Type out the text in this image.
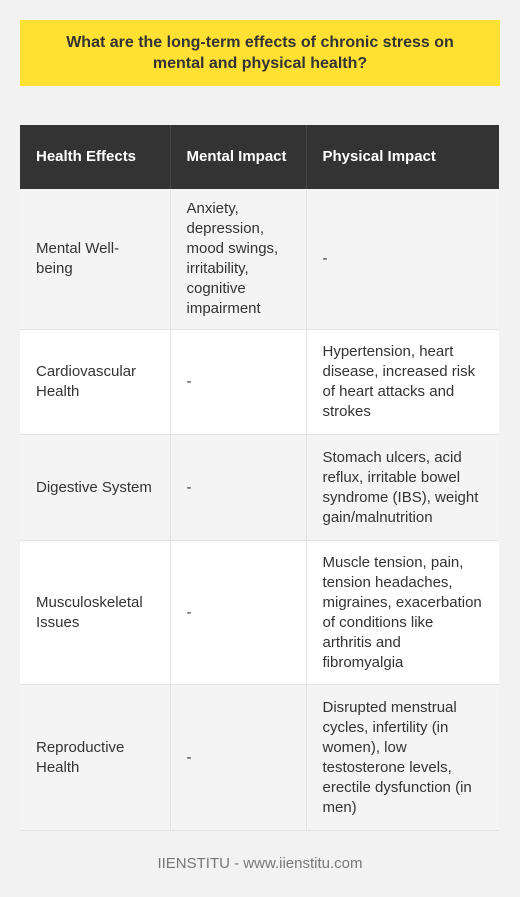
What are the long-term effects of chronic stress on mental and physical health?
Health Effects	Mental Impact	Physical Impact
Mental Well-being	Anxiety, depression, mood swings, irritability, cognitive impairment	-
Cardiovascular Health	-	Hypertension, heart disease, increased risk of heart attacks and strokes
Digestive System	-	Stomach ulcers, acid reflux, irritable bowel syndrome (IBS), weight gain/malnutrition
Musculoskeletal Issues	-	Muscle tension, pain, tension headaches, migraines, exacerbation of conditions like arthritis and fibromyalgia
Reproductive Health	-	Disrupted menstrual cycles, infertility (in women), low testosterone levels, erectile dysfunction (in men)
IIENSTITU - www.iienstitu.com
